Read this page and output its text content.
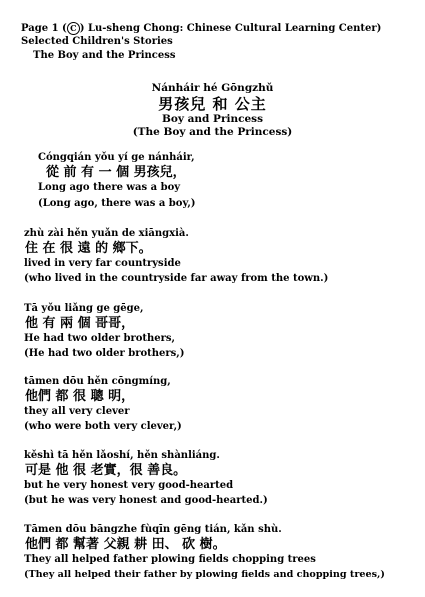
Page 1 ( C ) Lu-sheng Chong: Chinese Cultural Learning Center)
Selected Children's Stories
The Boy and the Princess
Nánháir hé Gōngzhǔ
男孩兒 和 公主
Boy and Princess
(The Boy and the Princess)
Cóngqián yǒu yí ge nánháir,
從 前 有 一 個 男孩兒，
Long ago there was a boy
(Long ago, there was a boy,)
zhù zài hěn yuǎn de xiāngxià.
住 在 很 遠 的 鄉下。
lived in very far countryside
(who lived in the countryside far away from the town.)
Tā yǒu liǎng ge gēge,
他 有 兩 個 哥哥，
He had two older brothers,
(He had two older brothers,)
tāmen dōu hěn cōngmíng,
他們 都 很 聰 明，
they all very clever
(who were both very clever,)
kěshì tā hěn lǎoshí, hěn shànliáng.
可是 他 很 老實，很 善良。
but he very honest very good-hearted
(but he was very honest and good-hearted.)
Tāmen dōu bāngzhe fùqīn gēng tián, kǎn shù.
他們 都 幫著 父親 耕 田、 砍 樹。
They all helped father plowing fields chopping trees
(They all helped their father by plowing fields and chopping trees,)
